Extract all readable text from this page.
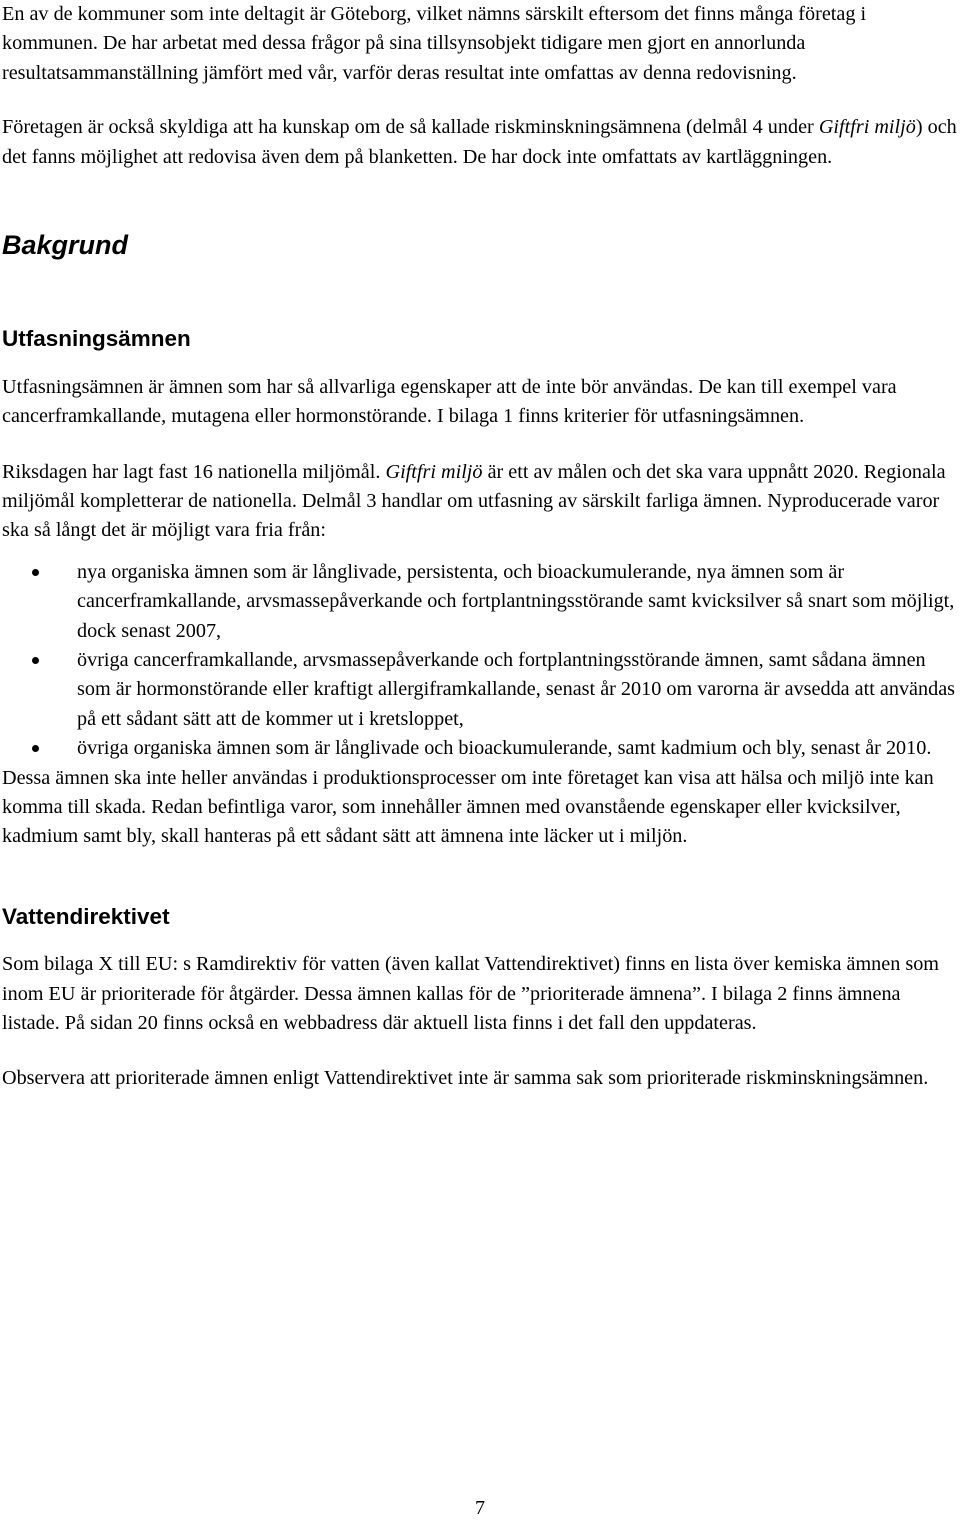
En av de kommuner som inte deltagit är Göteborg, vilket nämns särskilt eftersom det finns många företag i kommunen. De har arbetat med dessa frågor på sina tillsynsobjekt tidigare men gjort en annorlunda resultatsammanställning jämfört med vår, varför deras resultat inte omfattas av denna redovisning.

Företagen är också skyldiga att ha kunskap om de så kallade riskminskningsämnena (delmål 4 under Giftfri miljö) och det fanns möjlighet att redovisa även dem på blanketten. De har dock inte omfattats av kartläggningen.

Bakgrund
Utfasningsämnen

Utfasningsämnen är ämnen som har så allvarliga egenskaper att de inte bör användas. De kan till exempel vara cancerframkallande, mutagena eller hormonstörande. I bilaga 1 finns kriterier för utfasningsämnen.

Riksdagen har lagt fast 16 nationella miljömål. Giftfri miljö är ett av målen och det ska vara uppnått 2020. Regionala miljömål kompletterar de nationella. Delmål 3 handlar om utfasning av särskilt farliga ämnen. Nyproducerade varor ska så långt det är möjligt vara fria från:

nya organiska ämnen som är långlivade, persistenta, och bioackumulerande, nya ämnen som är cancerframkallande, arvsmassepåverkande och fortplantningsstörande samt kvicksilver så snart som möjligt, dock senast 2007,
övriga cancerframkallande, arvsmassepåverkande och fortplantningsstörande ämnen, samt sådana ämnen som är hormonstörande eller kraftigt allergiframkallande, senast år 2010 om varorna är avsedda att användas på ett sådant sätt att de kommer ut i kretsloppet,
övriga organiska ämnen som är långlivade och bioackumulerande, samt kadmium och bly, senast år 2010.

Dessa ämnen ska inte heller användas i produktionsprocesser om inte företaget kan visa att hälsa och miljö inte kan komma till skada. Redan befintliga varor, som innehåller ämnen med ovanstående egenskaper eller kvicksilver, kadmium samt bly, skall hanteras på ett sådant sätt att ämnena inte läcker ut i miljön.

Vattendirektivet

Som bilaga X till EU: s Ramdirektiv för vatten (även kallat Vattendirektivet) finns en lista över kemiska ämnen som inom EU är prioriterade för åtgärder. Dessa ämnen kallas för de ”prioriterade ämnena”. I bilaga 2 finns ämnena listade. På sidan 20 finns också en webbadress där aktuell lista finns i det fall den uppdateras.

Observera att prioriterade ämnen enligt Vattendirektivet inte är samma sak som prioriterade riskminskningsämnen.

7
